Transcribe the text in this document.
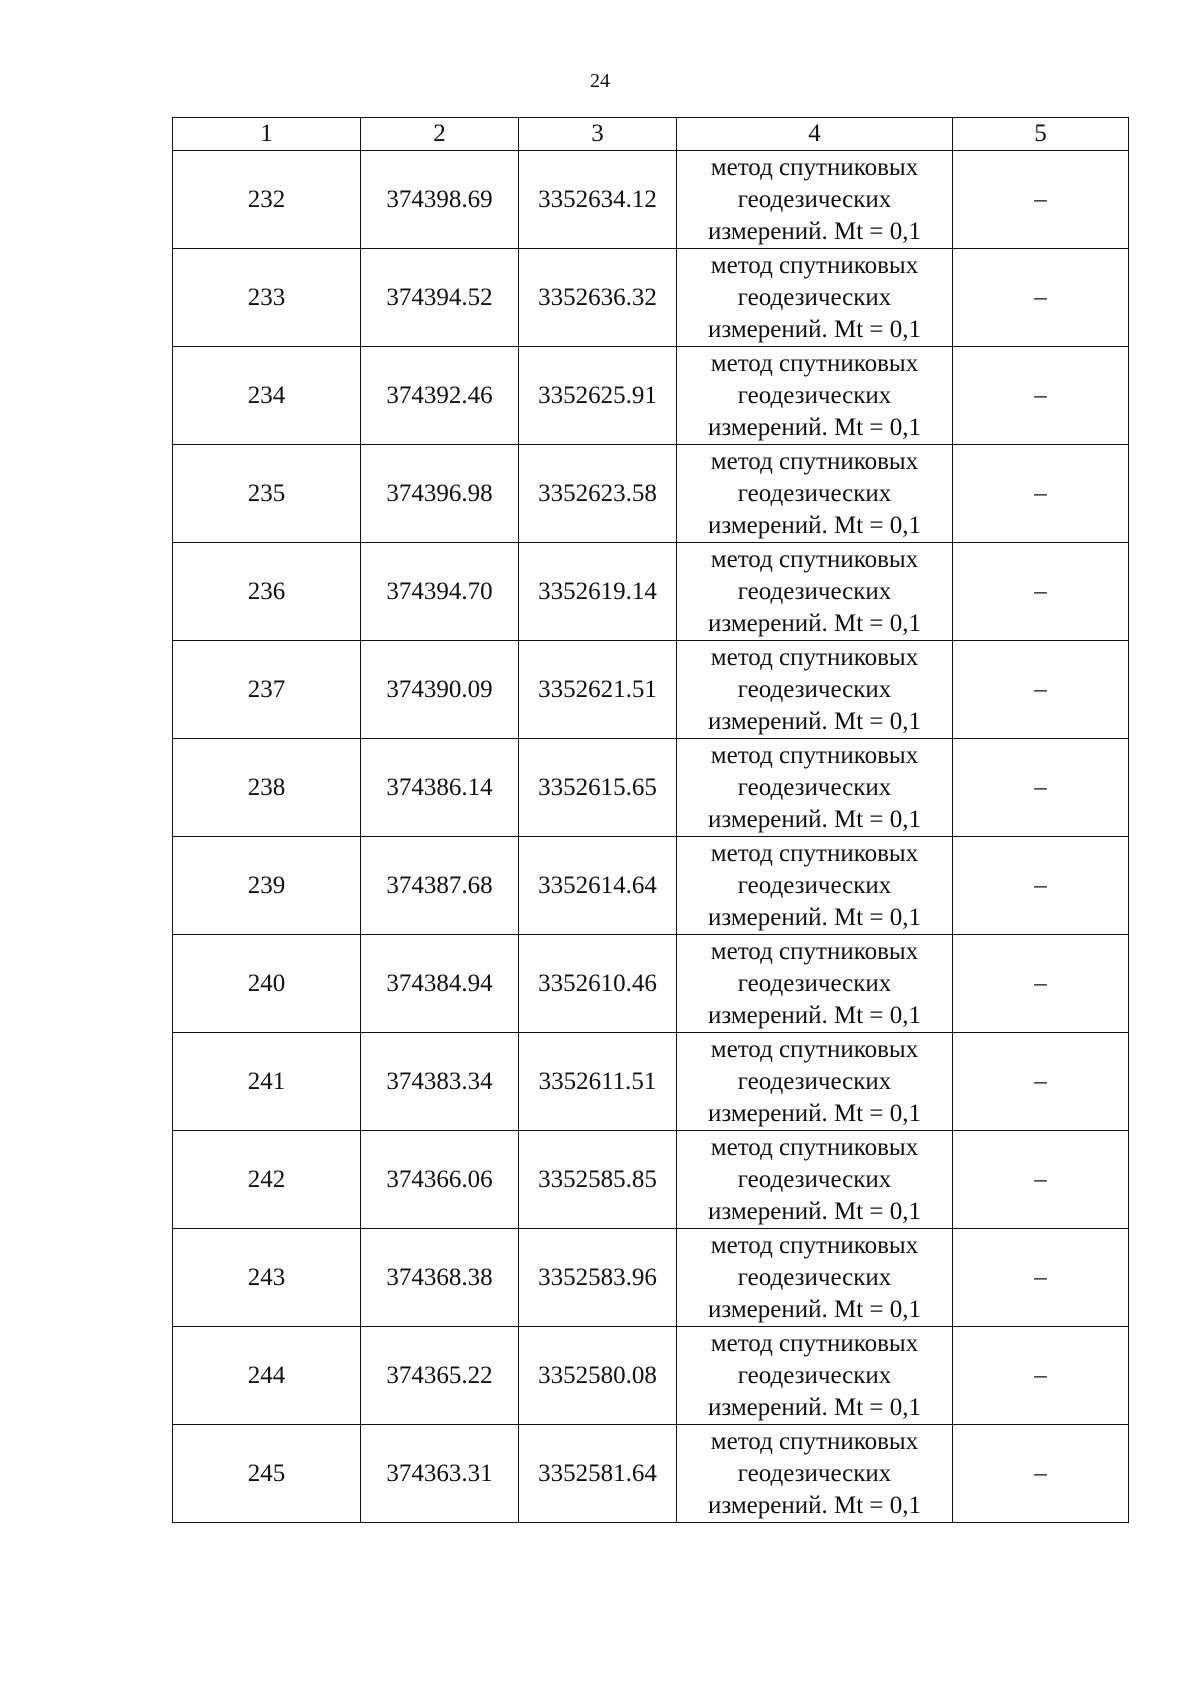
24
1	2	3	4	5
232	374398.69	3352634.12	метод спутниковых
геодезических
измерений. Mt = 0,1	–
233	374394.52	3352636.32	метод спутниковых
геодезических
измерений. Mt = 0,1	–
234	374392.46	3352625.91	метод спутниковых
геодезических
измерений. Mt = 0,1	–
235	374396.98	3352623.58	метод спутниковых
геодезических
измерений. Mt = 0,1	–
236	374394.70	3352619.14	метод спутниковых
геодезических
измерений. Mt = 0,1	–
237	374390.09	3352621.51	метод спутниковых
геодезических
измерений. Mt = 0,1	–
238	374386.14	3352615.65	метод спутниковых
геодезических
измерений. Mt = 0,1	–
239	374387.68	3352614.64	метод спутниковых
геодезических
измерений. Mt = 0,1	–
240	374384.94	3352610.46	метод спутниковых
геодезических
измерений. Mt = 0,1	–
241	374383.34	3352611.51	метод спутниковых
геодезических
измерений. Mt = 0,1	–
242	374366.06	3352585.85	метод спутниковых
геодезических
измерений. Mt = 0,1	–
243	374368.38	3352583.96	метод спутниковых
геодезических
измерений. Mt = 0,1	–
244	374365.22	3352580.08	метод спутниковых
геодезических
измерений. Mt = 0,1	–
245	374363.31	3352581.64	метод спутниковых
геодезических
измерений. Mt = 0,1	–
